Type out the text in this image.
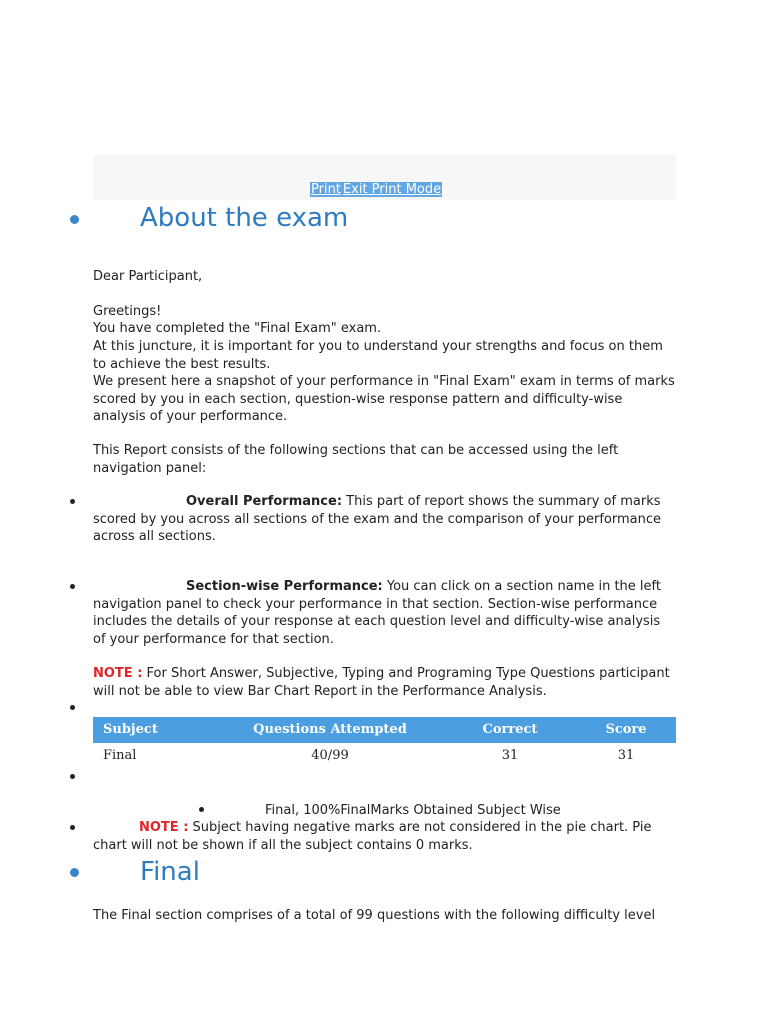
Print Exit Print Mode
About the exam
Dear Participant,
Greetings!
You have completed the "Final Exam" exam.
At this juncture, it is important for you to understand your strengths and focus on them to achieve the best results.
We present here a snapshot of your performance in "Final Exam" exam in terms of marks scored by you in each section, question-wise response pattern and difficulty-wise analysis of your performance.
This Report consists of the following sections that can be accessed using the left navigation panel:
Overall Performance: This part of report shows the summary of marks scored by you across all sections of the exam and the comparison of your performance across all sections.
Section-wise Performance: You can click on a section name in the left navigation panel to check your performance in that section. Section-wise performance includes the details of your response at each question level and difficulty-wise analysis of your performance for that section.
NOTE : For Short Answer, Subjective, Typing and Programing Type Questions participant will not be able to view Bar Chart Report in the Performance Analysis.
Subject	Questions Attempted	Correct	Score
Final	40/99	31	31
Final, 100%FinalMarks Obtained Subject Wise
NOTE : Subject having negative marks are not considered in the pie chart. Pie chart will not be shown if all the subject contains 0 marks.
Final
The Final section comprises of a total of 99 questions with the following difficulty level
